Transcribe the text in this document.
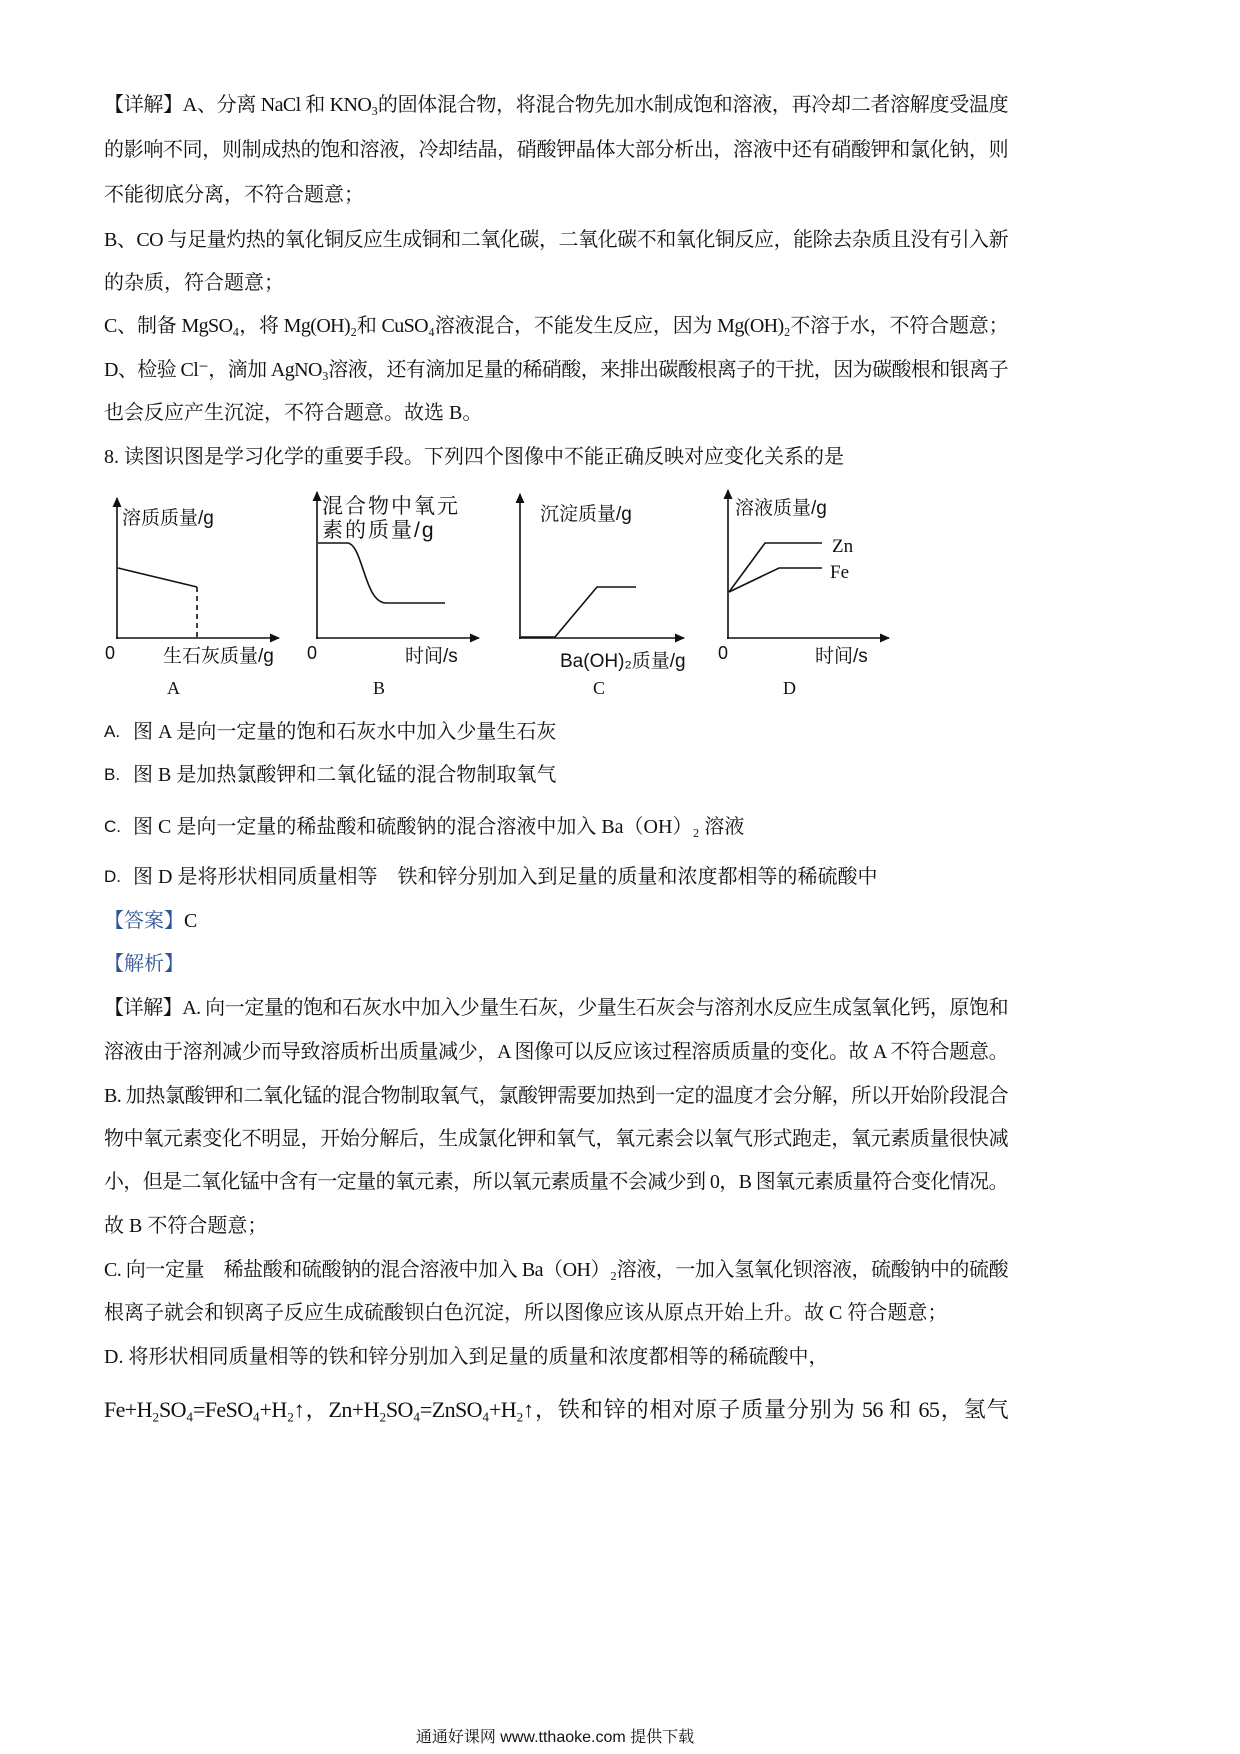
【详解】A、分离 NaCl 和 KNO₃的固体混合物，将混合物先加水制成饱和溶液，再冷却二者溶解度受温度
的影响不同，则制成热的饱和溶液，冷却结晶，硝酸钾晶体大部分析出，溶液中还有硝酸钾和氯化钠，则
不能彻底分离，不符合题意；
B、CO 与足量灼热的氧化铜反应生成铜和二氧化碳，二氧化碳不和氧化铜反应，能除去杂质且没有引入新
的杂质，符合题意；
C、制备 MgSO₄，将 Mg(OH)₂和 CuSO₄溶液混合，不能发生反应，因为 Mg(OH)₂不溶于水，不符合题意；
D、检验 Cl⁻，滴加 AgNO₃溶液，还有滴加足量的稀硝酸，来排出碳酸根离子的干扰，因为碳酸根和银离子
也会反应产生沉淀，不符合题意。故选 B。
8. 读图识图是学习化学的重要手段。下列四个图像中不能正确反映对应变化关系的是
溶质质量/g
0	生石灰质量/g
A
混合物中氧元
素的质量/g
0	时间/s
B
沉淀质量/g
Ba(OH)₂质量/g
C
溶液质量/g
Zn
Fe
0	时间/s
D
A. 图 A 是向一定量的饱和石灰水中加入少量生石灰
B. 图 B 是加热氯酸钾和二氧化锰的混合物制取氧气
C. 图 C 是向一定量的稀盐酸和硫酸钠的混合溶液中加入 Ba（OH）₂ 溶液
D. 图 D 是将形状相同质量相等　铁和锌分别加入到足量的质量和浓度都相等的稀硫酸中
【答案】C
【解析】
【详解】A. 向一定量的饱和石灰水中加入少量生石灰，少量生石灰会与溶剂水反应生成氢氧化钙，原饱和
溶液由于溶剂减少而导致溶质析出质量减少，A 图像可以反应该过程溶质质量的变化。故 A 不符合题意。
B. 加热氯酸钾和二氧化锰的混合物制取氧气，氯酸钾需要加热到一定的温度才会分解，所以开始阶段混合
物中氧元素变化不明显，开始分解后，生成氯化钾和氧气，氧元素会以氧气形式跑走，氧元素质量很快减
小，但是二氧化锰中含有一定量的氧元素，所以氧元素质量不会减少到 0，B 图氧元素质量符合变化情况。
故 B 不符合题意；
C. 向一定量　稀盐酸和硫酸钠的混合溶液中加入 Ba（OH）₂溶液，一加入氢氧化钡溶液，硫酸钠中的硫酸
根离子就会和钡离子反应生成硫酸钡白色沉淀，所以图像应该从原点开始上升。故 C 符合题意；
D. 将形状相同质量相等的铁和锌分别加入到足量的质量和浓度都相等的稀硫酸中，
Fe+H₂SO₄=FeSO₄+H₂↑，Zn+H₂SO₄=ZnSO₄+H₂↑，铁和锌的相对原子质量分别为 56 和 65，氢气
通通好课网 www.tthaoke.com 提供下载
